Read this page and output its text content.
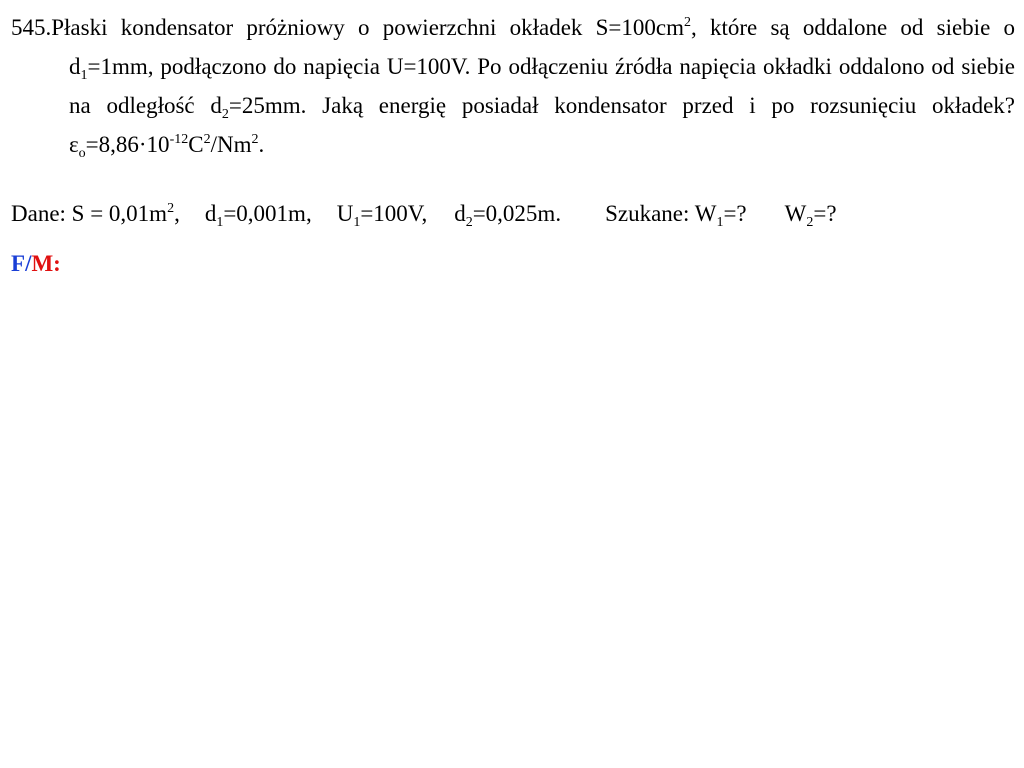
545.Płaski kondensator próżniowy o powierzchni okładek $S=100cm^2$, które są oddalone od siebie o $d_1=1mm$, podłączono do napięcia U=100V. Po odłączeniu źródła napięcia okładki oddalono od siebie na odległość $d_2=25mm$. Jaką energię posiadał kondensator przed i po rozsunięciu okładek? $\varepsilon_o=8,86\cdot 10^{-12}C^2/Nm^2$.
Dane: $S = 0,01m^2$, $d_1=0,001m$, $U_1=100V$, $d_2=0,025m$. Szukane: $W_1=$? $W_2=$?
F/M:
